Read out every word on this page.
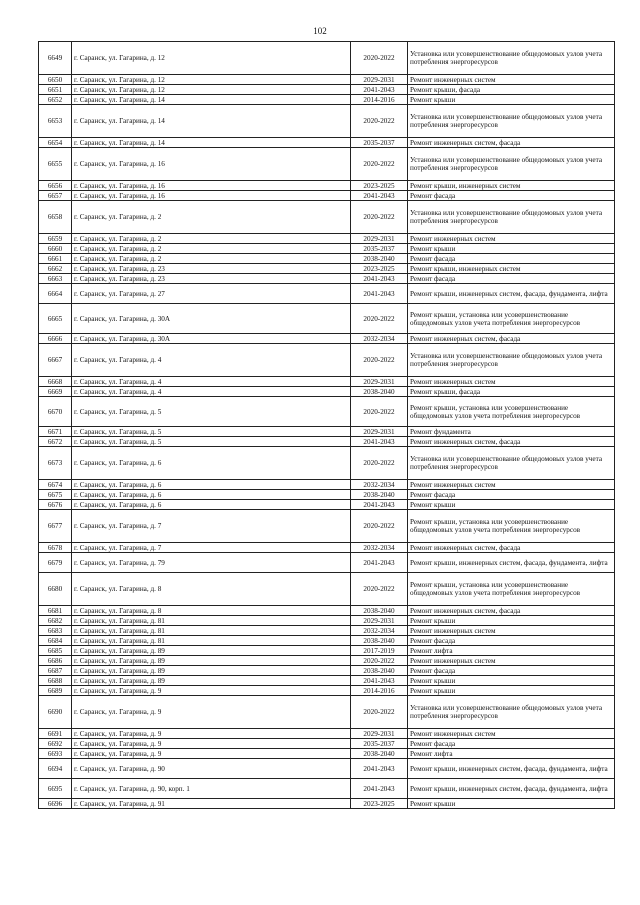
102
6649	г. Саранск, ул. Гагарина, д. 12	2020-2022	Установка или усовершенствование общедомовых узлов учета потребления энергоресурсов
6650	г. Саранск, ул. Гагарина, д. 12	2029-2031	Ремонт инженерных систем
6651	г. Саранск, ул. Гагарина, д. 12	2041-2043	Ремонт крыши, фасада
6652	г. Саранск, ул. Гагарина, д. 14	2014-2016	Ремонт крыши
6653	г. Саранск, ул. Гагарина, д. 14	2020-2022	Установка или усовершенствование общедомовых узлов учета потребления энергоресурсов
6654	г. Саранск, ул. Гагарина, д. 14	2035-2037	Ремонт инженерных систем, фасада
6655	г. Саранск, ул. Гагарина, д. 16	2020-2022	Установка или усовершенствование общедомовых узлов учета потребления энергоресурсов
6656	г. Саранск, ул. Гагарина, д. 16	2023-2025	Ремонт крыши, инженерных систем
6657	г. Саранск, ул. Гагарина, д. 16	2041-2043	Ремонт фасада
6658	г. Саранск, ул. Гагарина, д. 2	2020-2022	Установка или усовершенствование общедомовых узлов учета потребления энергоресурсов
6659	г. Саранск, ул. Гагарина, д. 2	2029-2031	Ремонт инженерных систем
6660	г. Саранск, ул. Гагарина, д. 2	2035-2037	Ремонт крыши
6661	г. Саранск, ул. Гагарина, д. 2	2038-2040	Ремонт фасада
6662	г. Саранск, ул. Гагарина, д. 23	2023-2025	Ремонт крыши, инженерных систем
6663	г. Саранск, ул. Гагарина, д. 23	2041-2043	Ремонт фасада
6664	г. Саранск, ул. Гагарина, д. 27	2041-2043	Ремонт крыши, инженерных систем, фасада, фундамента, лифта
6665	г. Саранск, ул. Гагарина, д. 30А	2020-2022	Ремонт крыши, установка или усовершенствование общедомовых узлов учета потребления энергоресурсов
6666	г. Саранск, ул. Гагарина, д. 30А	2032-2034	Ремонт инженерных систем, фасада
6667	г. Саранск, ул. Гагарина, д. 4	2020-2022	Установка или усовершенствование общедомовых узлов учета потребления энергоресурсов
6668	г. Саранск, ул. Гагарина, д. 4	2029-2031	Ремонт инженерных систем
6669	г. Саранск, ул. Гагарина, д. 4	2038-2040	Ремонт крыши, фасада
6670	г. Саранск, ул. Гагарина, д. 5	2020-2022	Ремонт крыши, установка или усовершенствование общедомовых узлов учета потребления энергоресурсов
6671	г. Саранск, ул. Гагарина, д. 5	2029-2031	Ремонт фундамента
6672	г. Саранск, ул. Гагарина, д. 5	2041-2043	Ремонт инженерных систем, фасада
6673	г. Саранск, ул. Гагарина, д. 6	2020-2022	Установка или усовершенствование общедомовых узлов учета потребления энергоресурсов
6674	г. Саранск, ул. Гагарина, д. 6	2032-2034	Ремонт инженерных систем
6675	г. Саранск, ул. Гагарина, д. 6	2038-2040	Ремонт фасада
6676	г. Саранск, ул. Гагарина, д. 6	2041-2043	Ремонт крыши
6677	г. Саранск, ул. Гагарина, д. 7	2020-2022	Ремонт крыши, установка или усовершенствование общедомовых узлов учета потребления энергоресурсов
6678	г. Саранск, ул. Гагарина, д. 7	2032-2034	Ремонт инженерных систем, фасада
6679	г. Саранск, ул. Гагарина, д. 79	2041-2043	Ремонт крыши, инженерных систем, фасада, фундамента, лифта
6680	г. Саранск, ул. Гагарина, д. 8	2020-2022	Ремонт крыши, установка или усовершенствование общедомовых узлов учета потребления энергоресурсов
6681	г. Саранск, ул. Гагарина, д. 8	2038-2040	Ремонт инженерных систем, фасада
6682	г. Саранск, ул. Гагарина, д. 81	2029-2031	Ремонт крыши
6683	г. Саранск, ул. Гагарина, д. 81	2032-2034	Ремонт инженерных систем
6684	г. Саранск, ул. Гагарина, д. 81	2038-2040	Ремонт фасада
6685	г. Саранск, ул. Гагарина, д. 89	2017-2019	Ремонт лифта
6686	г. Саранск, ул. Гагарина, д. 89	2020-2022	Ремонт инженерных систем
6687	г. Саранск, ул. Гагарина, д. 89	2038-2040	Ремонт фасада
6688	г. Саранск, ул. Гагарина, д. 89	2041-2043	Ремонт крыши
6689	г. Саранск, ул. Гагарина, д. 9	2014-2016	Ремонт крыши
6690	г. Саранск, ул. Гагарина, д. 9	2020-2022	Установка или усовершенствование общедомовых узлов учета потребления энергоресурсов
6691	г. Саранск, ул. Гагарина, д. 9	2029-2031	Ремонт инженерных систем
6692	г. Саранск, ул. Гагарина, д. 9	2035-2037	Ремонт фасада
6693	г. Саранск, ул. Гагарина, д. 9	2038-2040	Ремонт лифта
6694	г. Саранск, ул. Гагарина, д. 90	2041-2043	Ремонт крыши, инженерных систем, фасада, фундамента, лифта
6695	г. Саранск, ул. Гагарина, д. 90, корп. 1	2041-2043	Ремонт крыши, инженерных систем, фасада, фундамента, лифта
6696	г. Саранск, ул. Гагарина, д. 91	2023-2025	Ремонт крыши
